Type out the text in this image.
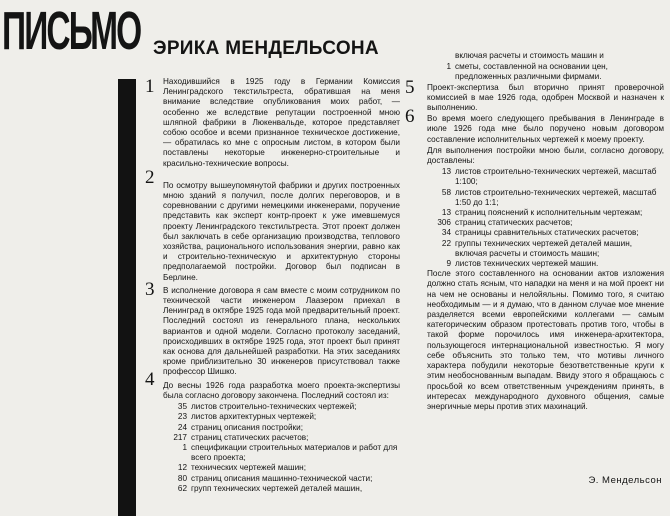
ПИСЬМО ЭРИКА МЕНДЕЛЬСОНА
1
2
3
4
5
6

Находившийся в 1925 году в Германии Комиссия Ленинградского текстильтреста, обратившая на меня внимание вследствие опубликования моих работ, — особенно же вследствие репутации построенной мною шляпной фабрики в Люкенвальде, которое представляет собою особое и всеми признанное техническое достижение, — обратилась ко мне с опросным листом, в котором были поставлены некоторые инженерно-строительные и красильно-технические вопросы.

По осмотру вышеупомянутой фабрики и других построенных мною зданий я получил, после долгих переговоров, и в соревновании с другими немецкими инженерами, поручение представить как эксперт контр-проект к уже имевшемуся проекту Ленинградского текстильтреста. Этот проект должен был заключать в себе организацию производства, теплового хозяйства, рационального использования энергии, равно как и строительно-техническую и архитектурную стороны предполагаемой постройки. Договор был подписан в Берлине.

В исполнение договора я сам вместе с моим сотрудником по технической части инженером Лаазером приехал в Ленинград в октябре 1925 года мой предварительный проект. Последний состоял из генерального плана, нескольких вариантов и одной модели. Согласно протоколу заседаний, происходивших в октябре 1925 года, этот проект был принят как основа для дальнейшей разработки. На этих заседаниях кроме приблизительно 30 инженеров присутствовал также профессор Шишко.

До весны 1926 года разработка моего проекта-экспертизы была согласно договору закончена. Последний состоял из:

35 листов строительно-технических чертежей;
23 листов архитектурных чертежей;
24 страниц описания постройки;
217 страниц статических расчетов;
1 спецификации строительных материалов и работ для всего проекта;
12 технических чертежей машин;
80 страниц описания машинно-технической части;
62 групп технических чертежей деталей машин,

включая расчеты и стоимость машин и

1 сметы, составленной на основании цен, предложенных различными фирмами.

Проект-экспертиза был вторично принят проверочной комиссией в мае 1926 года, одобрен Москвой и назначен к выполнению.

Во время моего следующего пребывания в Ленинграде в июле 1926 года мне было поручено новым договором составление исполнительных чертежей к моему проекту.

Для выполнения постройки мною были, согласно договору, доставлены:

13 листов строительно-технических чертежей, масштаб 1:100;
58 листов строительно-технических чертежей, масштаб 1:50 до 1:1;
13 страниц пояснений к исполнительным чертежам;
306 страниц статических расчетов;
34 страницы сравнительных статических расчетов;
22 группы технических чертежей деталей машин, включая расчеты и стоимость машин;
9 листов технических чертежей машин.

После этого составленного на основании актов изложения должно стать ясным, что нападки на меня и на мой проект ни на чем не основаны и нелойяльны. Помимо того, я считаю необходимым — и я думаю, что в данном случае мое мнение разделяется всеми европейскими коллегами — самым категорическим образом протестовать против того, чтобы в такой форме порочилось имя инженера-архитектора, пользующегося интернациональной известностью. Я могу себе объяснить это только тем, что мотивы личного характера побудили некоторые безответственные круги к этим необоснованным выпадам. Ввиду этого я обращаюсь с просьбой ко всем ответственным учреждениям принять, в интересах международного духовного общения, самые энергичные меры против этих махинаций.

Э. Мендельсон
